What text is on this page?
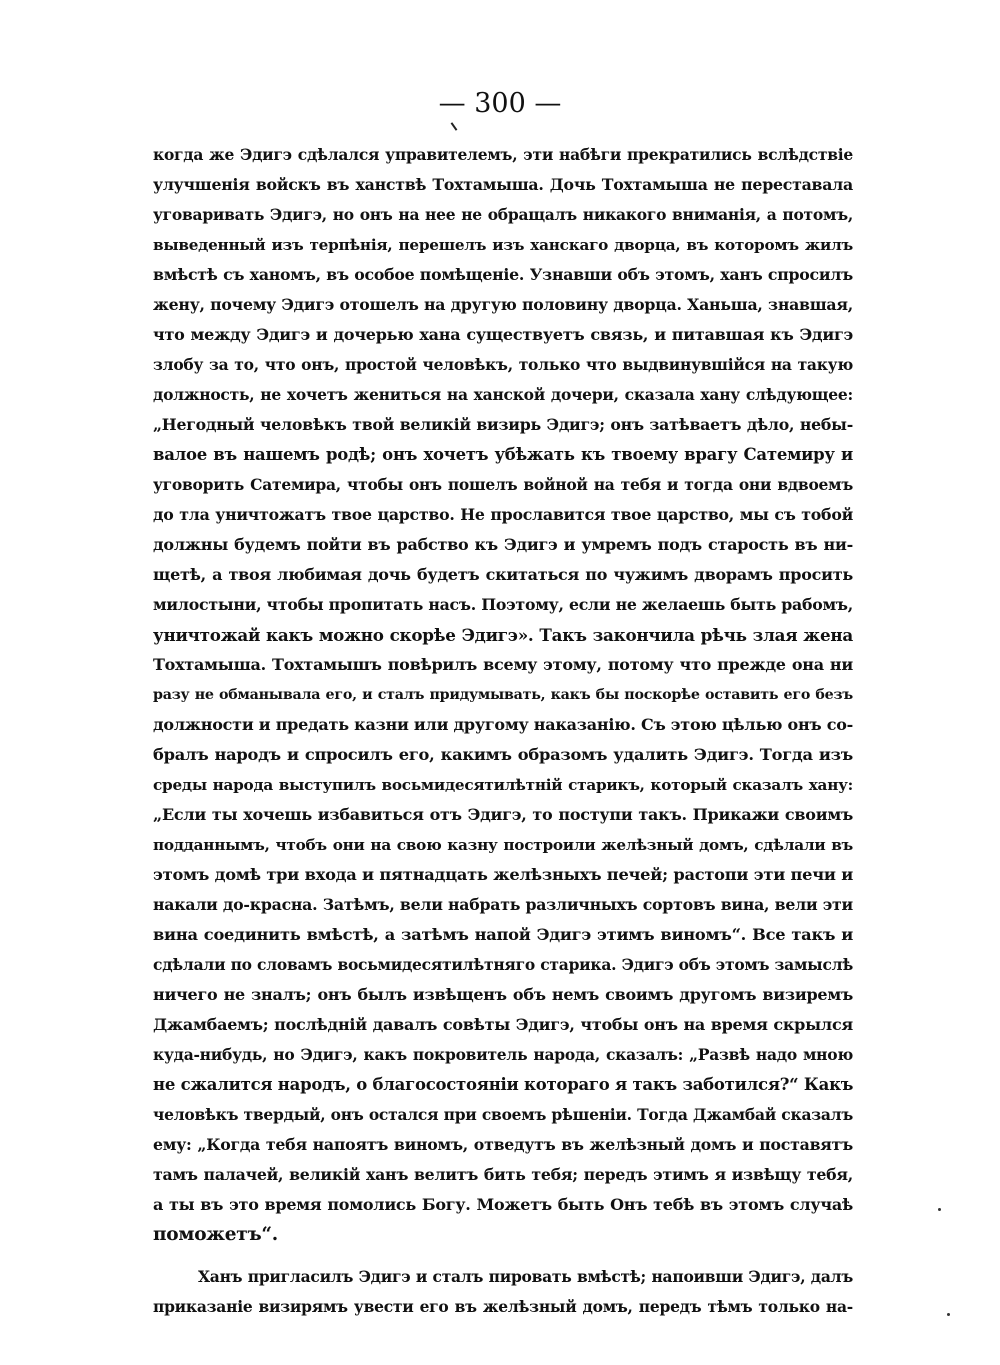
— 300 —
когда же Эдигэ сдѣлался управителемъ, эти набѣги прекратились вслѣдствіе
улучшенія войскъ въ ханствѣ Тохтамыша. Дочь Тохтамыша не переставала
уговаривать Эдигэ, но онъ на нее не обращалъ никакого вниманія, а потомъ,
выведенный изъ терпѣнія, перешелъ изъ ханскаго дворца, въ которомъ жилъ
вмѣстѣ съ ханомъ, въ особое помѣщеніе. Узнавши объ этомъ, ханъ спросилъ
жену, почему Эдигэ отошелъ на другую половину дворца. Ханьша, знавшая,
что между Эдигэ и дочерью хана существуетъ связь, и питавшая къ Эдигэ
злобу за то, что онъ, простой человѣкъ, только что выдвинувшійся на такую
должность, не хочетъ жениться на ханской дочери, сказала хану слѣдующее:
„Негодный человѣкъ твой великій визирь Эдигэ; онъ затѣваетъ дѣло, небы-
валое въ нашемъ родѣ; онъ хочетъ убѣжать къ твоему врагу Сатемиру и
уговорить Сатемира, чтобы онъ пошелъ войной на тебя и тогда они вдвоемъ
до тла уничтожатъ твое царство. Не прославится твое царство, мы съ тобой
должны будемъ пойти въ рабство къ Эдигэ и умремъ подъ старость въ ни-
щетѣ, а твоя любимая дочь будетъ скитаться по чужимъ дворамъ просить
милостыни, чтобы пропитать насъ. Поэтому, если не желаешь быть рабомъ,
уничтожай какъ можно скорѣе Эдигэ». Такъ закончила рѣчь злая жена
Тохтамыша. Тохтамышъ повѣрилъ всему этому, потому что прежде она ни
разу не обманывала его, и сталъ придумывать, какъ бы поскорѣе оставить его безъ
должности и предать казни или другому наказанію. Съ этою цѣлью онъ со-
бралъ народъ и спросилъ его, какимъ образомъ удалить Эдигэ. Тогда изъ
среды народа выступилъ восьмидесятилѣтній старикъ, который сказалъ хану:
„Если ты хочешь избавиться отъ Эдигэ, то поступи такъ. Прикажи своимъ
подданнымъ, чтобъ они на свою казну построили желѣзный домъ, сдѣлали въ
этомъ домѣ три входа и пятнадцать желѣзныхъ печей; растопи эти печи и
накали до-красна. Затѣмъ, вели набрать различныхъ сортовъ вина, вели эти
вина соединить вмѣстѣ, а затѣмъ напой Эдигэ этимъ виномъ“. Все такъ и
сдѣлали по словамъ восьмидесятилѣтняго старика. Эдигэ объ этомъ замыслѣ
ничего не зналъ; онъ былъ извѣщенъ объ немъ своимъ другомъ визиремъ
Джамбаемъ; послѣдній давалъ совѣты Эдигэ, чтобы онъ на время скрылся
куда-нибудь, но Эдигэ, какъ покровитель народа, сказалъ: „Развѣ надо мною
не сжалится народъ, о благосостояніи котораго я такъ заботился?“ Какъ
человѣкъ твердый, онъ остался при своемъ рѣшеніи. Тогда Джамбай сказалъ
ему: „Когда тебя напоятъ виномъ, отведутъ въ желѣзный домъ и поставятъ
тамъ палачей, великій ханъ велитъ бить тебя; передъ этимъ я извѣщу тебя,
а ты въ это время помолись Богу. Можетъ быть Онъ тебѣ въ этомъ случаѣ
поможетъ“.
Ханъ пригласилъ Эдигэ и сталъ пировать вмѣстѣ; напоивши Эдигэ, далъ
приказаніе визирямъ увести его въ желѣзный домъ, передъ тѣмъ только на-
